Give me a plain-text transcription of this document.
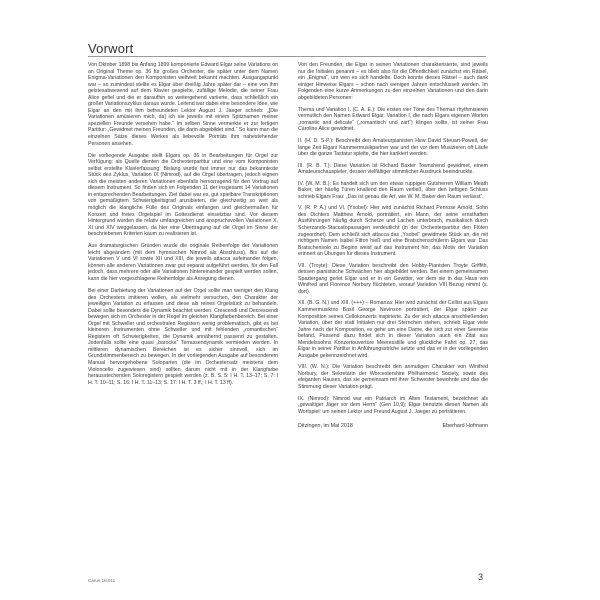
Vorwort

Von Oktober 1898 bis Anfang 1899 komponierte Edward Elgar seine Variations on an Original Theme op. 36 für großes Orchester, die später unter dem Namen Enigma-Variationen den Komponisten weltweit bekannt machten. Ausgangspunkt war – so zumindest stellte es Elgar über dreißig Jahre später dar – eine von ihm geistesabwesend auf dem Klavier gespielte, zufällige Melodie, die seiner Frau Alice gefiel und die er daraufhin so weitergehend variierte, dass schließlich ein großer Variationszyklus daraus wurde. Leitend war dabei eine besondere Idee, wie Elgar an den mit ihm befreundeten Lektor August J. Jaeger schrieb: „[Die Variationen amüsieren mich, da] ich sie jeweils mit einem Spitznamen meiner speziellen Freunde versehen habe.“ Im selben Sinne vermerkte er zur fertigen Partitur: „Gewidmet meinen Freunden, die darin abgebildet sind.“ So kann man die einzelnen Sätze dieses Werkes als liebevolle Porträts ihm nahestehender Personen ansehen.

Die vorliegende Ausgabe stellt Elgars op. 36 in Bearbeitungen für Orgel zur Verfügung: als Quelle dienten die Orchesterpartitur und eine vom Komponisten selbst erstellte Klavierfassung. Bislang wurde fast immer nur das bekannteste Stück des Zyklus, Variation IX (Nimrod), auf die Orgel übertragen, jedoch eignen sich die meisten anderen Variationen ebenfalls hervorragend für den Vortrag auf diesem Instrument. So finden sich im Folgenden 11 der insgesamt 14 Variationen in entsprechenden Bearbeitungen. Ziel dabei war es, gut spielbare Transkriptionen von gemäßigtem Schwierigkeitsgrad anzubieten, die gleichzeitig so weit als möglich die klangliche Fülle des Originals einfangen und gleichermaßen für Konzert und freies Orgelspiel im Gottesdienst einsetzbar sind. Vor diesem Hintergrund wurden die relativ umfangreichen und anspruchsvollen Variationen X, XI und XIV weggelassen, da hier eine Übertragung auf die Orgel im Sinne der beschriebenen Kriterien kaum zu realisieren ist.

Aus dramaturgischen Gründen wurde die originale Reihenfolge der Variationen leicht abgeändert (mit dem hymnischen Nimrod als Abschluss). Bis auf die Variationen V und VI sowie XII und XIII, die jeweils attacca aufeinander folgen, können alle anderen Variationen zwar gut separat aufgeführt werden, für den Fall jedoch, dass mehrere oder alle Variationen hintereinander gespielt werden sollen, kann die hier vorgeschlagene Reihenfolge als Anregung dienen.

Bei einer Darbietung der Variationen auf der Orgel sollte man weniger den Klang des Orchesters imitieren wollen, als vielmehr versuchen, den Charakter der jeweiligen Variation zu erfassen und diese als reines Orgelstück zu behandeln. Dabei sollte besonders die Dynamik beachtet werden. Crescendi und Decrescendi bewegen sich im Orchester in der Regel im gleichen Klangfarbenbereich. Bei einer Orgel mit Schweller und orchestralen Registern wenig problematisch, gibt es bei kleineren Instrumenten ohne Schweller und mit fehlenden „romantischen“ Registern oft Schwierigkeiten, die Dynamik annähernd passend zu gestalten. Jedenfalls sollte eine quasi „barocke“ Terrassendynamik vermieden werden. In mittleren dynamischen Bereichen ist es sicher sinnvoll, sich im Grundstimmenbereich zu bewegen. In der vorliegenden Ausgabe auf besonderem Manual hervorgehobene Soloparten (die im Orchestersatz meistens dem Violoncello zugewiesen sind) sollten darum nicht mit in der Klangfarbe herausstechenden Soloregistern gespielt werden (z. B. S. 5: I H. T. 13–17; S. 7: I H. T. 10–11; S. 16: I H. T. 11–13; S. 17: I H. T. 3 ff.; I H. T. 13 ff).

Von den Freunden, die Elgar in seinen Variationen charakterisierte, sind jeweils nur die Initialen genannt – es blieb also für die Öffentlichkeit zunächst ein Rätsel, ein „Enigma“, um wen es sich handelte. Doch konnte dieses Rätsel – auch dank einiger Hinweise Elgars – schon nach wenigen Jahren entschlüsselt werden. Im Folgenden eine kurze Anmerkungen zu den einzelnen Variationen und den darin abgebildeten Personen:

Thema und Variation I. (C. A. E.): Die ersten vier Töne des Themas rhythmisieren vermutlich den Namen Edward Elgar. Variation I, die nach Elgars eigenen Worten „romantic and delicate“ („romantisch und zart“) klingen sollte, ist seiner Frau Caroline Alice gewidmet.

II. (H. D. S-P.): Beschreibt den Amateurpianisten Hew David Steuart-Powell, der lange Zeit Elgars Kammermusikpartner war und der vor dem Musizieren oft Läufe über die ganze Tastatur spielte, die hier karikiert werden.

III. (R. B. T.): Diese Variation ist Richard Baxter Townshend gewidmet, einem Amateurschauspieler, dessen vielfältiger stimmlicher Ausdruck beeindruckte.

IV. (W. M. B.): Es handelt sich um den etwas ruppigen Gutsherren William Meath Baker, der häufig Türen knallend den Raum verließ, über den heftigen Schluss schrieb Elgars Frau: „Das ist genau die Art, wie W. M. Baker den Raum verlässt“.

V. (R. P. A.) und VI. (Ysobel): Hier wird zunächst Richard Penrose Arnold, Sohn des Dichters Matthew Arnold, porträtiert, ein Mann, der seine ernsthaften Ausführungen häufig durch Scherze und Lachen unterbrach, musikalisch durch Scherzando-Staccatopassagen verdeutlicht (in der Orchesterpartitur den Flöten zugeordnet). Dem schließt sich attacca das „Ysobel“ gewidmete Stück an, die mit richtigem Namen Isabel Fitton hieß und eine Bratschenschülerin Elgars war. Das Bratschensolo zu Beginn weist auf das Instrument hin; das Motiv der Variation erinnert an Übungen für dieses Instrument.

VII. (Troyte): Diese Variation beschreibt den Hobby-Pianisten Troyte Griffith, dessen pianistische Schwächen hier abgebildet werden. Bei einem gemeinsamen Spaziergang geriet Elgar und er in ein Gewitter, vor dem sie in das Haus von Winifred and Florence Norbury flüchteten, worauf Variation VIII Bezug nimmt (s. dort).

XII. (B. G. N.) und XIII. (+++) – Romanza: Hier wird zunächst der Cellist aus Elgars Kammermusiktrio Basil George Nevinson porträtiert, der Elgar später zur Komposition seines Cellokonzerts inspirierte. Zu der sich attacca anschließenden Variation, über der statt Initialen nur drei Sternchen stehen, schrieb Elgar viele Jahre nach der Komposition, es gehe um eine Dame, die sich zur einer Seereise befand. Passend dazu findet sich in dieser Variation auch ein Zitat aus Mendelssohns Konzertouvertüre Meeresstille und glückliche Fahrt op. 27, das Elgar in seiner Partitur in Anführungsstriche setzte und das er in der vorliegenden Ausgabe gekennzeichnet wird.

VIII. (W. N.): Die Variation beschreibt den anmutigen Charakter von Winifred Norbury, der Sekretärin der Worcestershire Philharmonic Society, sowie des eleganten Hauses, das sie gemeinsam mit ihrer Schwester bewohnte und das die Stimmung dieser Variation prägt.

IX. (Nimrod): Nimrod war ein Patriarch im Alten Testament, bezeichnet als „gewaltiger Jäger vor dem Herrn“ (Gen 10,9); Elgar benutzte diesen Namen als Wortspiel: um seinen Lektor und Freund August J. Jaeger zu porträtieren.

Ditzingen, im Mai 2018	Eberhard Hofmann
Carus 18.011	3
